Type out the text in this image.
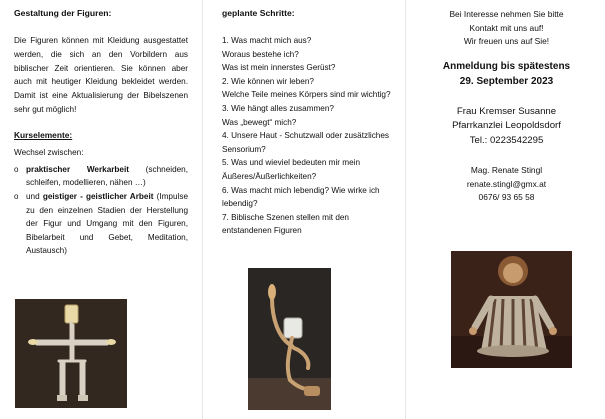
Gestaltung der Figuren:

Die Figuren können mit Kleidung ausgestattet werden, die sich an den Vorbildern aus biblischer Zeit orientieren. Sie können aber auch mit heutiger Kleidung bekleidet werden. Damit ist eine Aktualisierung der Bibelszenen sehr gut möglich!

Kurselemente:
Wechsel zwischen:
o praktischer Werkarbeit (schneiden, schleifen, modellieren, nähen …)
o und geistiger - geistlicher Arbeit (Impulse zu den einzelnen Stadien der Herstellung der Figur und Umgang mit den Figuren, Bibelarbeit und Gebet, Meditation, Austausch)
geplante Schritte:
1. Was macht mich aus?
Woraus bestehe ich?
Was ist mein innerstes Gerüst?
2. Wie können wir leben?
Welche Teile meines Körpers sind mir wichtig?
3. Wie hängt alles zusammen?
Was „bewegt“ mich?
4. Unsere Haut - Schutzwall oder zusätzliches Sensorium?
5. Was und wieviel bedeuten mir mein Äußeres/Äußerlichkeiten?
6. Was macht mich lebendig? Wie wirke ich lebendig?
7. Biblische Szenen stellen mit den entstandenen Figuren
Bei Interesse nehmen Sie bitte
Kontakt mit uns auf!
Wir freuen uns auf Sie!
Anmeldung bis spätestens
29. September 2023
Frau Kremser Susanne
Pfarrkanzlei Leopoldsdorf
Tel.: 0223542295
Mag. Renate Stingl
renate.stingl@gmx.at
0676/ 93 65 58
